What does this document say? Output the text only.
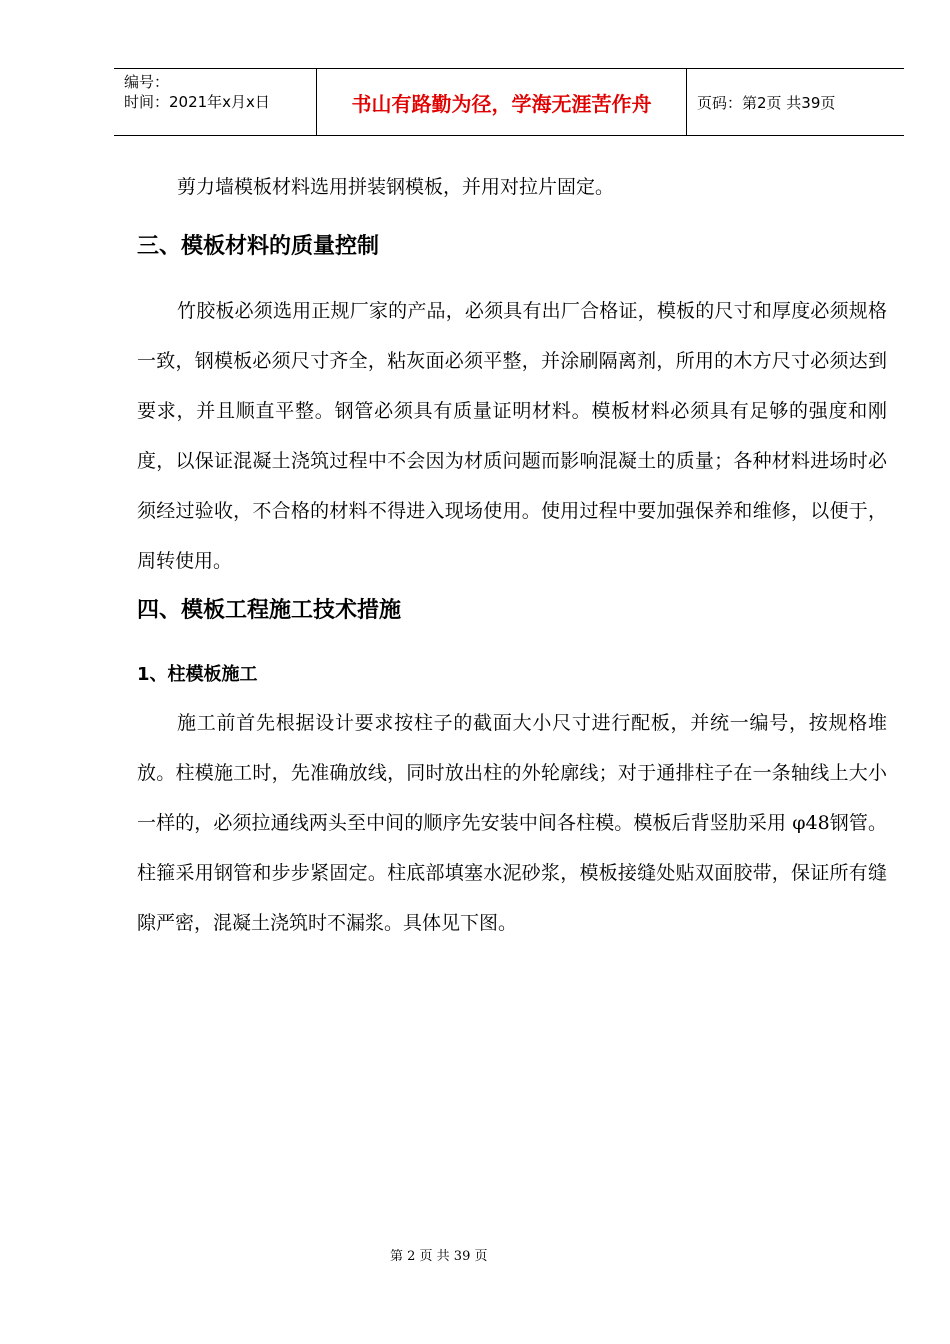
编号：
时间：2021年x月x日	书山有路勤为径，学海无涯苦作舟	页码：第2页 共39页
剪力墙模板材料选用拼装钢模板，并用对拉片固定。
三、模板材料的质量控制
竹胶板必须选用正规厂家的产品，必须具有出厂合格证，模板的尺寸和厚度必须规格一致，钢模板必须尺寸齐全，粘灰面必须平整，并涂刷隔离剂，所用的木方尺寸必须达到要求，并且顺直平整。钢管必须具有质量证明材料。模板材料必须具有足够的强度和刚度，以保证混凝土浇筑过程中不会因为材质问题而影响混凝土的质量；各种材料进场时必须经过验收，不合格的材料不得进入现场使用。使用过程中要加强保养和维修，以便于，周转使用。
四、模板工程施工技术措施
1、柱模板施工
施工前首先根据设计要求按柱子的截面大小尺寸进行配板，并统一编号，按规格堆放。柱模施工时，先准确放线，同时放出柱的外轮廓线；对于通排柱子在一条轴线上大小一样的，必须拉通线两头至中间的顺序先安装中间各柱模。模板后背竖肋采用 φ48钢管。柱箍采用钢管和步步紧固定。柱底部填塞水泥砂浆，模板接缝处贴双面胶带，保证所有缝隙严密，混凝土浇筑时不漏浆。具体见下图。
第 2 页 共 39 页
